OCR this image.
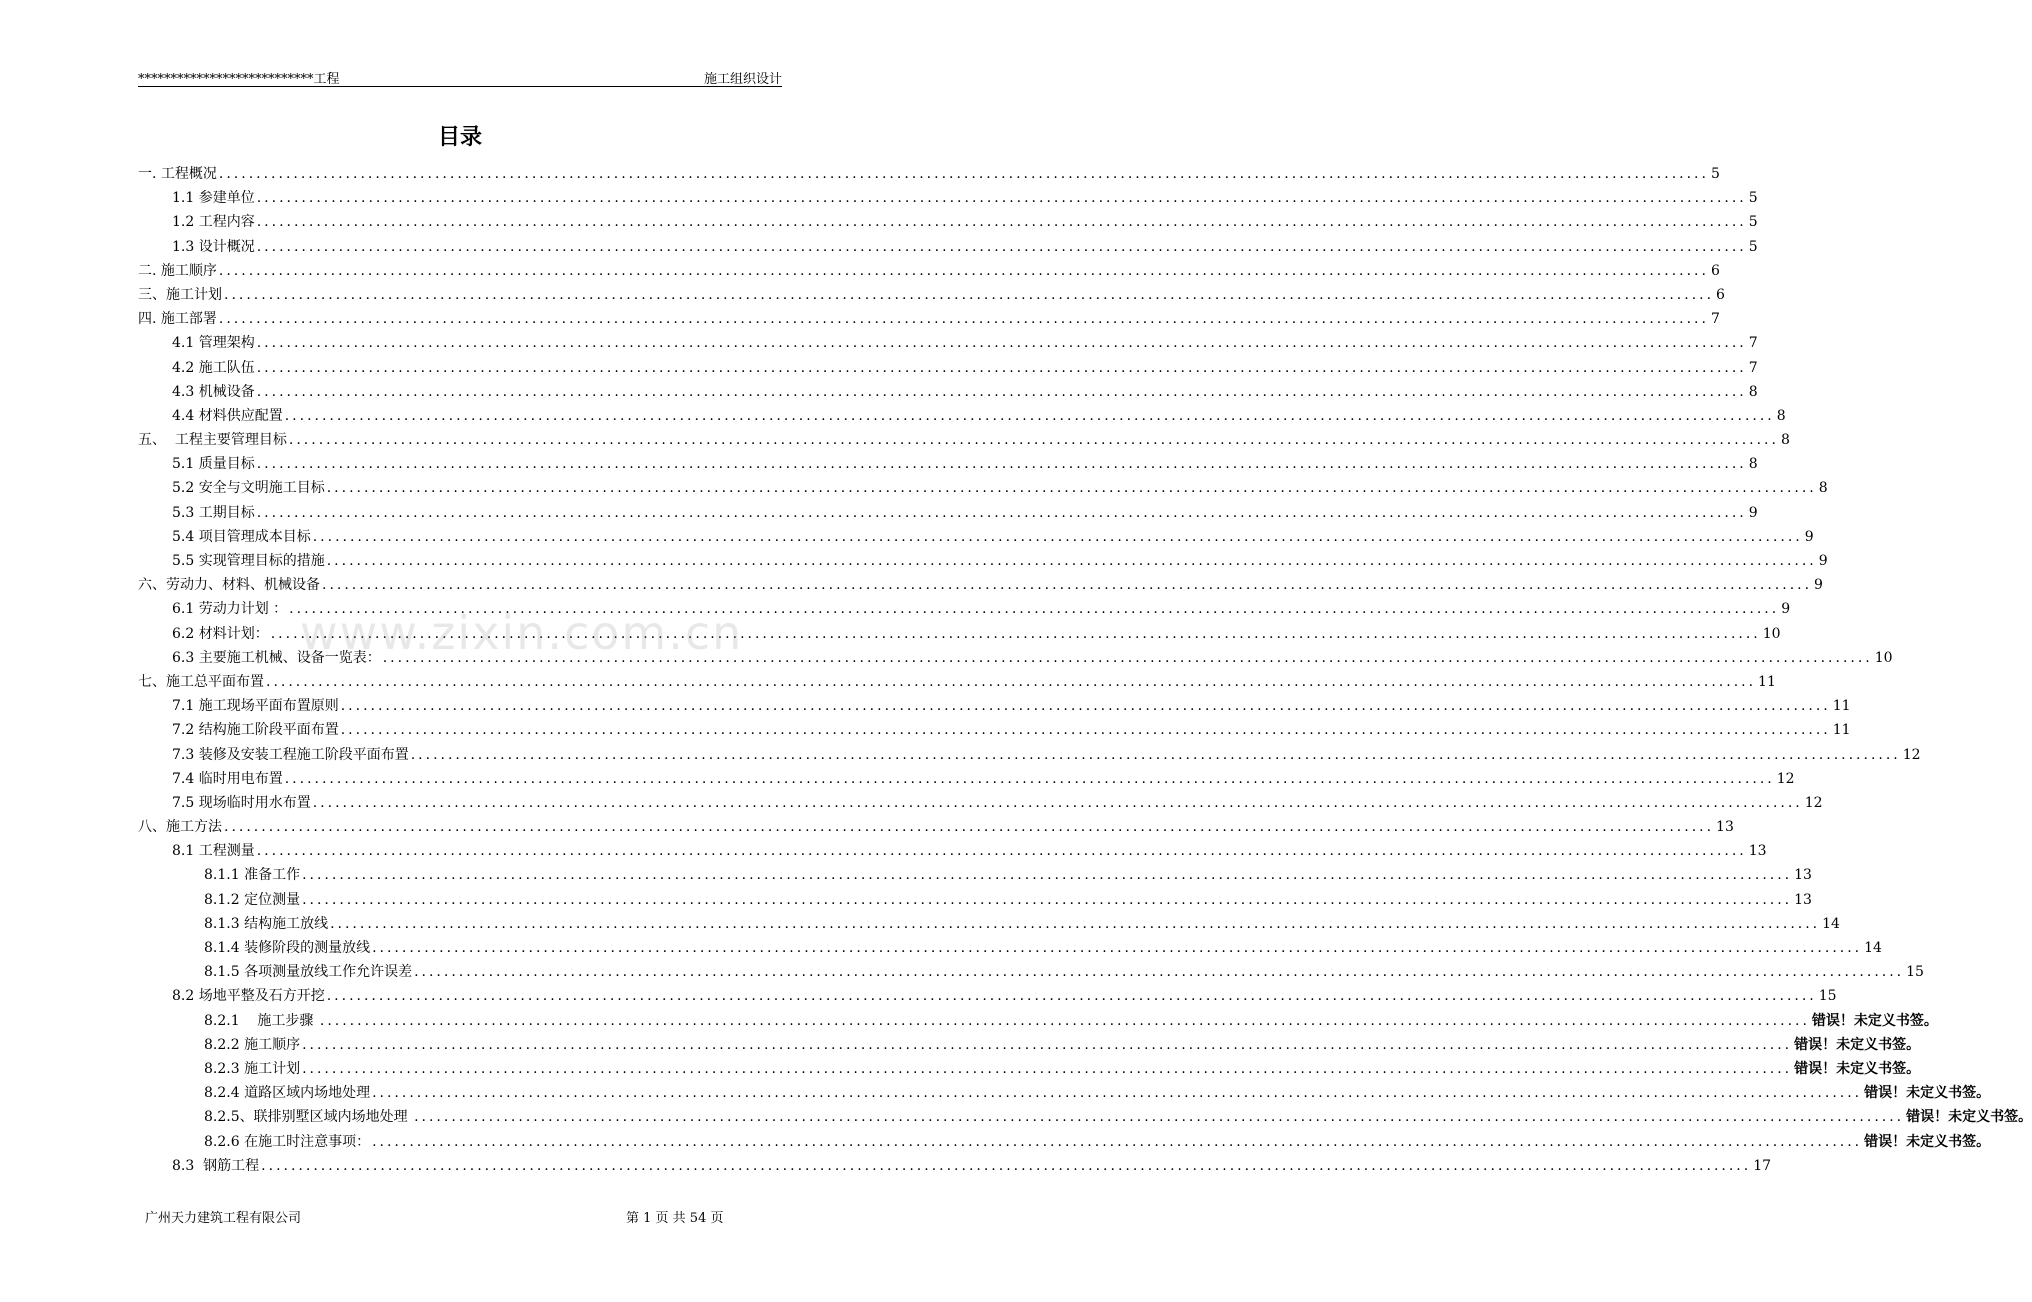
***************************工程	施工组织设计
目录
一. 工程概况 ........................................................................................................................................................................................................ 5
1.1 参建单位 ........................................................................................................................................................................................................ 5
1.2 工程内容 ........................................................................................................................................................................................................ 5
1.3 设计概况 ........................................................................................................................................................................................................ 5
二. 施工顺序 ........................................................................................................................................................................................................ 6
三、施工计划 ........................................................................................................................................................................................................ 6
四. 施工部署 ........................................................................................................................................................................................................ 7
4.1 管理架构 ........................................................................................................................................................................................................ 7
4.2 施工队伍 ........................................................................................................................................................................................................ 7
4.3 机械设备 ........................................................................................................................................................................................................ 8
4.4 材料供应配置 ........................................................................................................................................................................................................ 8
五、  工程主要管理目标 ........................................................................................................................................................................................................ 8
5.1 质量目标 ........................................................................................................................................................................................................ 8
5.2 安全与文明施工目标 ........................................................................................................................................................................................................ 8
5.3 工期目标 ........................................................................................................................................................................................................ 9
5.4 项目管理成本目标 ........................................................................................................................................................................................................ 9
5.5 实现管理目标的措施 ........................................................................................................................................................................................................ 9
六、劳动力、材料、机械设备 ........................................................................................................................................................................................................ 9
6.1 劳动力计划 ： ........................................................................................................................................................................................................ 9
6.2 材料计划： ........................................................................................................................................................................................................ 10
6.3 主要施工机械、设备一览表： ........................................................................................................................................................................................................ 10
七、施工总平面布置 ........................................................................................................................................................................................................ 11
7.1 施工现场平面布置原则 ........................................................................................................................................................................................................ 11
7.2 结构施工阶段平面布置 ........................................................................................................................................................................................................ 11
7.3 装修及安装工程施工阶段平面布置 ........................................................................................................................................................................................................ 12
7.4 临时用电布置 ........................................................................................................................................................................................................ 12
7.5 现场临时用水布置 ........................................................................................................................................................................................................ 12
八、施工方法 ........................................................................................................................................................................................................ 13
8.1 工程测量 ........................................................................................................................................................................................................ 13
8.1.1 准备工作 ........................................................................................................................................................................................................ 13
8.1.2 定位测量 ........................................................................................................................................................................................................ 13
8.1.3 结构施工放线 ........................................................................................................................................................................................................ 14
8.1.4 装修阶段的测量放线 ........................................................................................................................................................................................................ 14
8.1.5 各项测量放线工作允许误差 ........................................................................................................................................................................................................ 15
8.2 场地平整及石方开挖 ........................................................................................................................................................................................................ 15
8.2.1    施工步骤 ........................................................................................................................................................................................................ 错误！未定义书签。
8.2.2 施工顺序 ........................................................................................................................................................................................................ 错误！未定义书签。
8.2.3 施工计划 ........................................................................................................................................................................................................ 错误！未定义书签。
8.2.4 道路区域内场地处理 ........................................................................................................................................................................................................ 错误！未定义书签。
8.2.5、联排别墅区域内场地处理 ........................................................................................................................................................................................................ 错误！未定义书签。
8.2.6 在施工时注意事项： ........................................................................................................................................................................................................ 错误！未定义书签。
8.3  钢筋工程 ........................................................................................................................................................................................................ 17
www.zixin.com.cn
广州天力建筑工程有限公司	第 1 页 共 54 页
